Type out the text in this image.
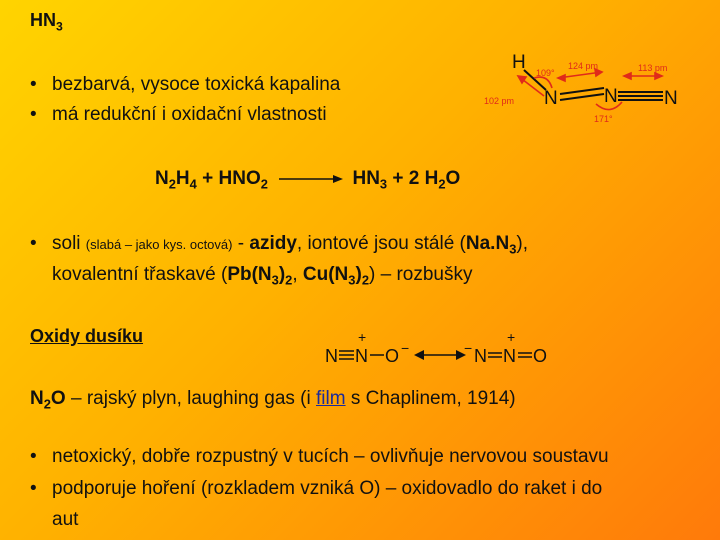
$HN_3$
• bezbarvá, vysoce toxická kapalina
• má redukční i oxidační vlastnosti
H
N N N
109°
124 pm	113 pm
102 pm
171°
$N_2H_4 + HNO_2 \to HN_3 + 2$ $H_2O$
• soli (slabá – jako kys. octová) - azidy, iontové jsou stálé $(Na.N_3)$,
kovalentní třaskavé ($Pb(N_3)_2$, $Cu(N_3)_2$) – rozbušky
Oxidy dusíku
N N
+
O −	− N N
+
O
$N_2O$ – rajský plyn, laughing gas (i film s Chaplinem, 1914)
• netoxický, dobře rozpustný v tucích – ovlivňuje nervovou soustavu
• podporuje hoření (rozkladem vzniká O) – oxidovadlo do raket i do
aut
